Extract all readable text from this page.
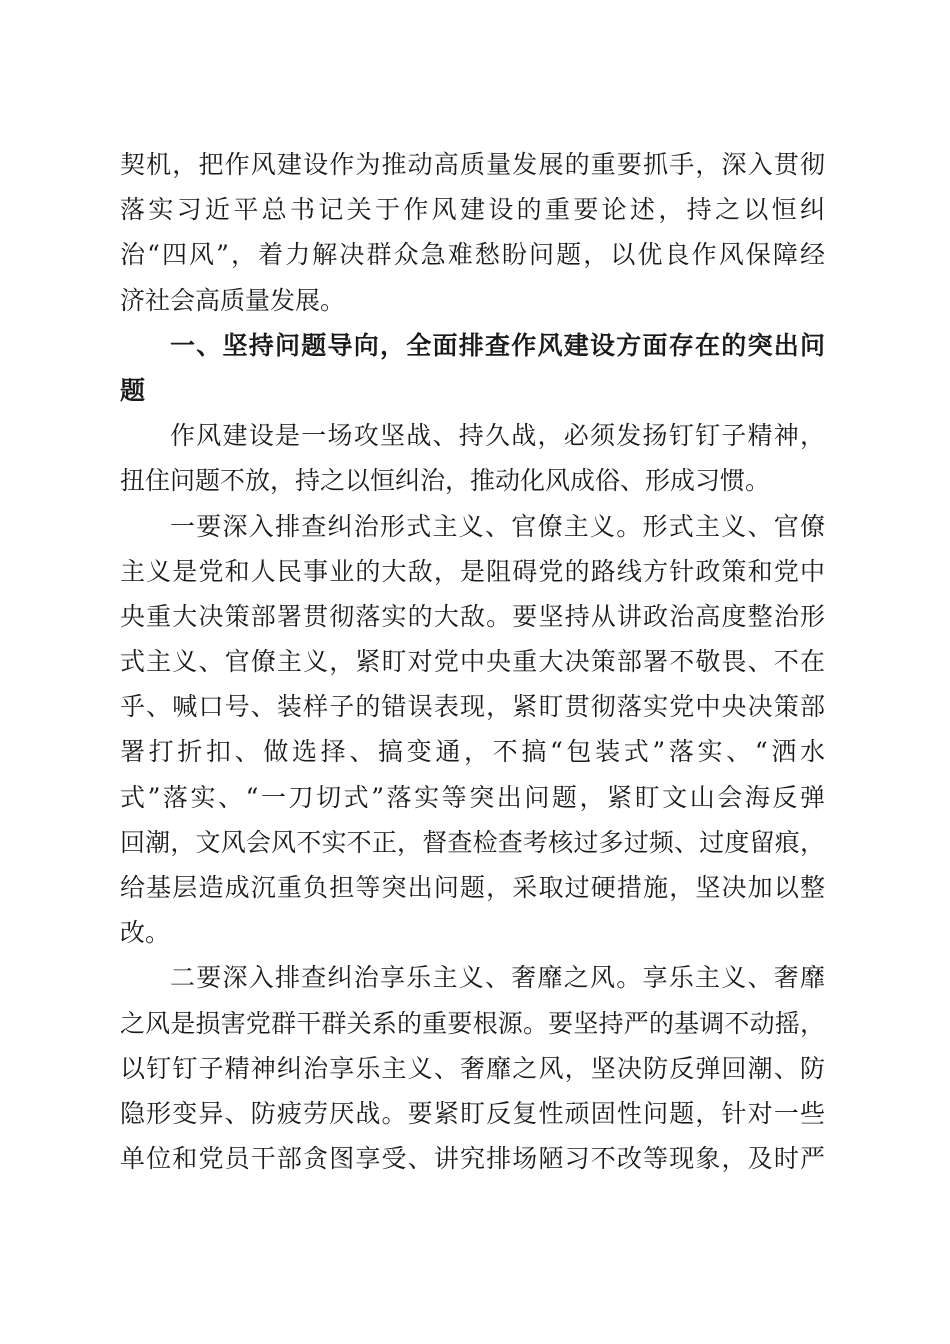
契机，把作风建设作为推动高质量发展的重要抓手，深入贯彻
落实习近平总书记关于作风建设的重要论述，持之以恒纠
治“四风”，着力解决群众急难愁盼问题，以优良作风保障经
济社会高质量发展。
一、坚持问题导向，全面排查作风建设方面存在的突出问
题
作风建设是一场攻坚战、持久战，必须发扬钉钉子精神，
扭住问题不放，持之以恒纠治，推动化风成俗、形成习惯。
一要深入排查纠治形式主义、官僚主义。形式主义、官僚
主义是党和人民事业的大敌，是阻碍党的路线方针政策和党中
央重大决策部署贯彻落实的大敌。要坚持从讲政治高度整治形
式主义、官僚主义，紧盯对党中央重大决策部署不敬畏、不在
乎、喊口号、装样子的错误表现，紧盯贯彻落实党中央决策部
署打折扣、做选择、搞变通，不搞“包装式”落实、“洒水
式”落实、“一刀切式”落实等突出问题，紧盯文山会海反弹
回潮，文风会风不实不正，督查检查考核过多过频、过度留痕，
给基层造成沉重负担等突出问题，采取过硬措施，坚决加以整
改。
二要深入排查纠治享乐主义、奢靡之风。享乐主义、奢靡
之风是损害党群干群关系的重要根源。要坚持严的基调不动摇，
以钉钉子精神纠治享乐主义、奢靡之风，坚决防反弹回潮、防
隐形变异、防疲劳厌战。要紧盯反复性顽固性问题，针对一些
单位和党员干部贪图享受、讲究排场陋习不改等现象，及时严
